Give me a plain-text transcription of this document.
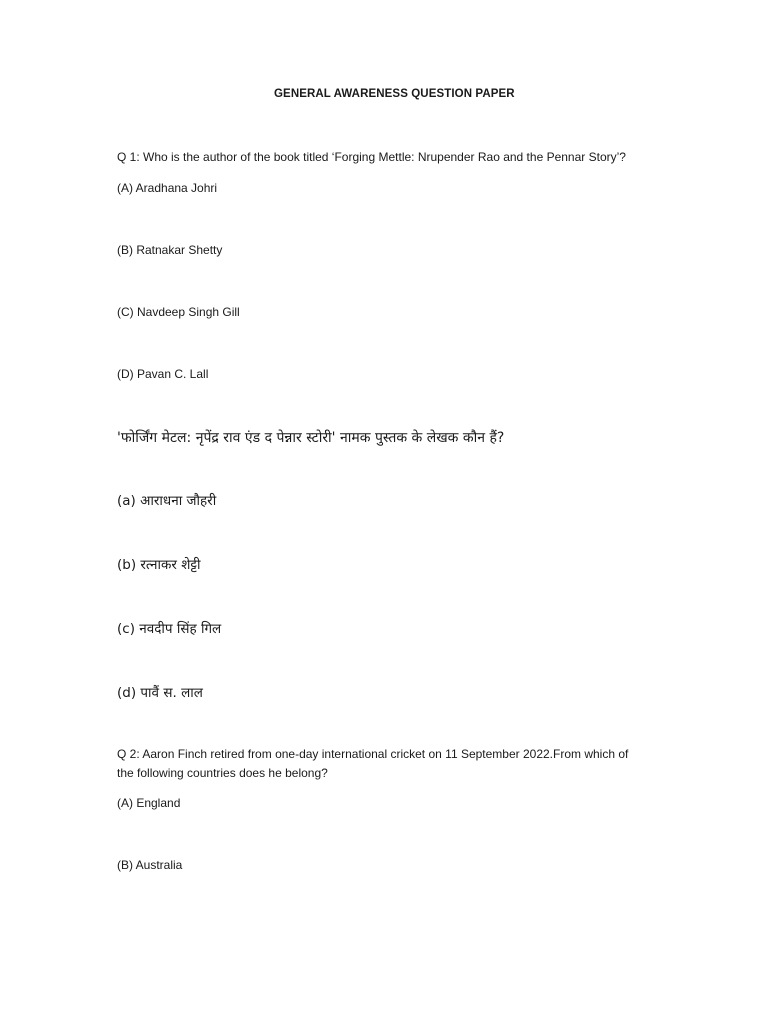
GENERAL AWARENESS QUESTION PAPER
Q 1: Who is the author of the book titled ‘Forging Mettle: Nrupender Rao and the Pennar Story’?
(A) Aradhana Johri
(B) Ratnakar Shetty
(C) Navdeep Singh Gill
(D) Pavan C. Lall
'फोर्जिंग मेटल: नृपेंद्र राव एंड द पेन्नार स्टोरी' नामक पुस्तक के लेखक कौन हैं?
(a) आराधना जौहरी
(b) रत्नाकर शेट्टी
(c) नवदीप सिंह गिल
(d) पावैं स. लाल
Q 2: Aaron Finch retired from one-day international cricket on 11 September 2022.From which of the following countries does he belong?
(A) England
(B) Australia
